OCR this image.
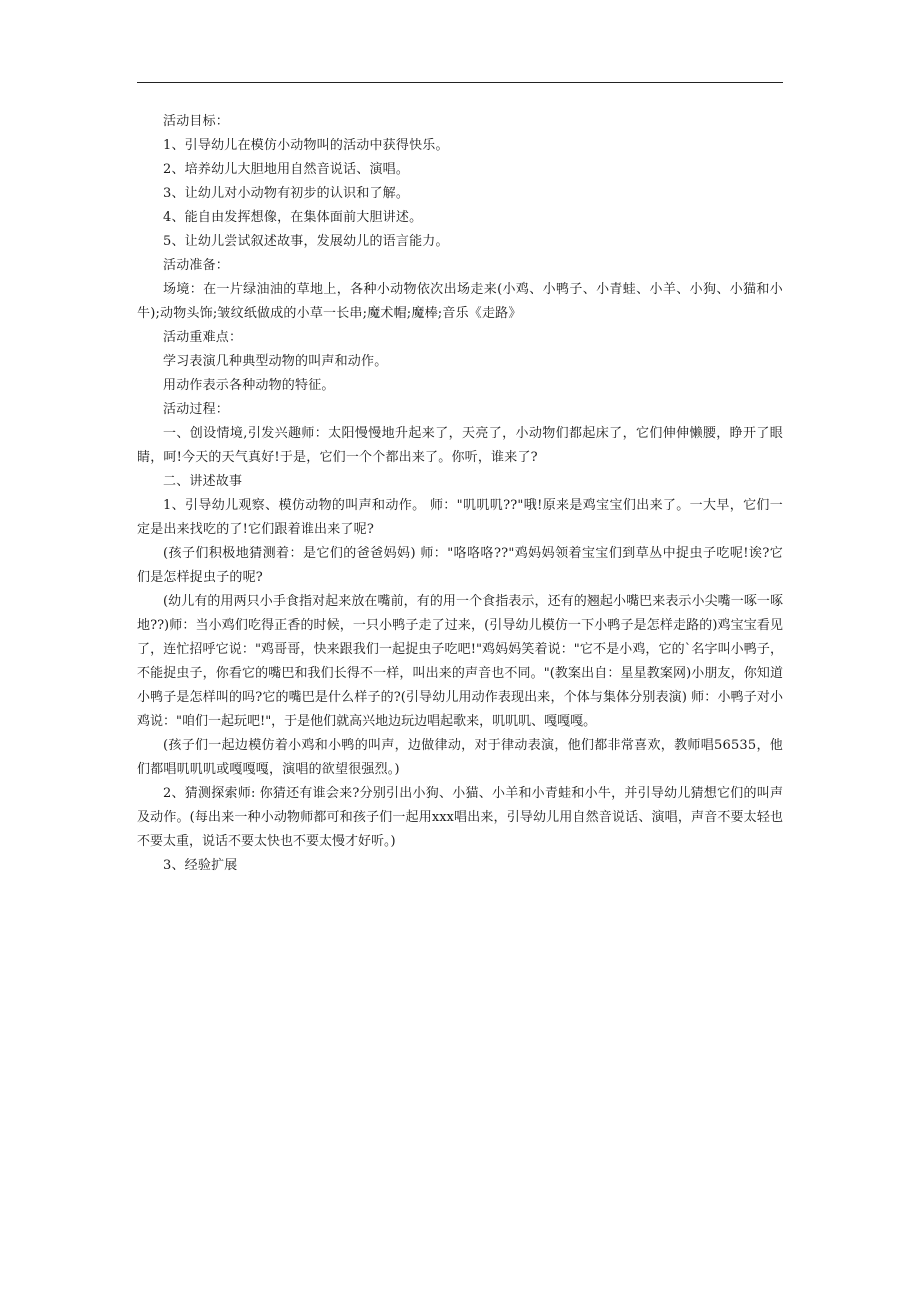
活动目标：

1、引导幼儿在模仿小动物叫的活动中获得快乐。

2、培养幼儿大胆地用自然音说话、演唱。

3、让幼儿对小动物有初步的认识和了解。

4、能自由发挥想像，在集体面前大胆讲述。

5、让幼儿尝试叙述故事，发展幼儿的语言能力。

活动准备：

场境：在一片绿油油的草地上，各种小动物依次出场走来(小鸡、小鸭子、小青蛙、小羊、小狗、小猫和小牛);动物头饰;皱纹纸做成的小草一长串;魔术帽;魔棒;音乐《走路》

活动重难点：

学习表演几种典型动物的叫声和动作。

用动作表示各种动物的特征。

活动过程：

一、创设情境,引发兴趣师：太阳慢慢地升起来了，天亮了，小动物们都起床了，它们伸伸懒腰，睁开了眼睛，呵!今天的天气真好!于是，它们一个个都出来了。你听，谁来了?

二、讲述故事

1、引导幼儿观察、模仿动物的叫声和动作。 师："叽叽叽??"哦!原来是鸡宝宝们出来了。一大早，它们一定是出来找吃的了!它们跟着谁出来了呢?

(孩子们积极地猜测着：是它们的爸爸妈妈) 师："咯咯咯??"鸡妈妈领着宝宝们到草丛中捉虫子吃呢!诶?它们是怎样捉虫子的呢?

(幼儿有的用两只小手食指对起来放在嘴前，有的用一个食指表示，还有的翘起小嘴巴来表示小尖嘴一啄一啄地??)师：当小鸡们吃得正香的时候，一只小鸭子走了过来，(引导幼儿模仿一下小鸭子是怎样走路的)鸡宝宝看见了，连忙招呼它说："鸡哥哥，快来跟我们一起捉虫子吃吧!"鸡妈妈笑着说："它不是小鸡，它的`名字叫小鸭子，不能捉虫子，你看它的嘴巴和我们长得不一样，叫出来的声音也不同。"(教案出自：星星教案网)小朋友，你知道小鸭子是怎样叫的吗?它的嘴巴是什么样子的?(引导幼儿用动作表现出来，个体与集体分别表演) 师：小鸭子对小鸡说："咱们一起玩吧!"，于是他们就高兴地边玩边唱起歌来，叽叽叽、嘎嘎嘎。

(孩子们一起边模仿着小鸡和小鸭的叫声，边做律动，对于律动表演，他们都非常喜欢，教师唱56535，他们都唱叽叽叽或嘎嘎嘎，演唱的欲望很强烈。)

2、猜测探索师: 你猜还有谁会来?分别引出小狗、小猫、小羊和小青蛙和小牛，并引导幼儿猜想它们的叫声及动作。(每出来一种小动物师都可和孩子们一起用xxx唱出来，引导幼儿用自然音说话、演唱，声音不要太轻也不要太重，说话不要太快也不要太慢才好听。)

3、经验扩展
